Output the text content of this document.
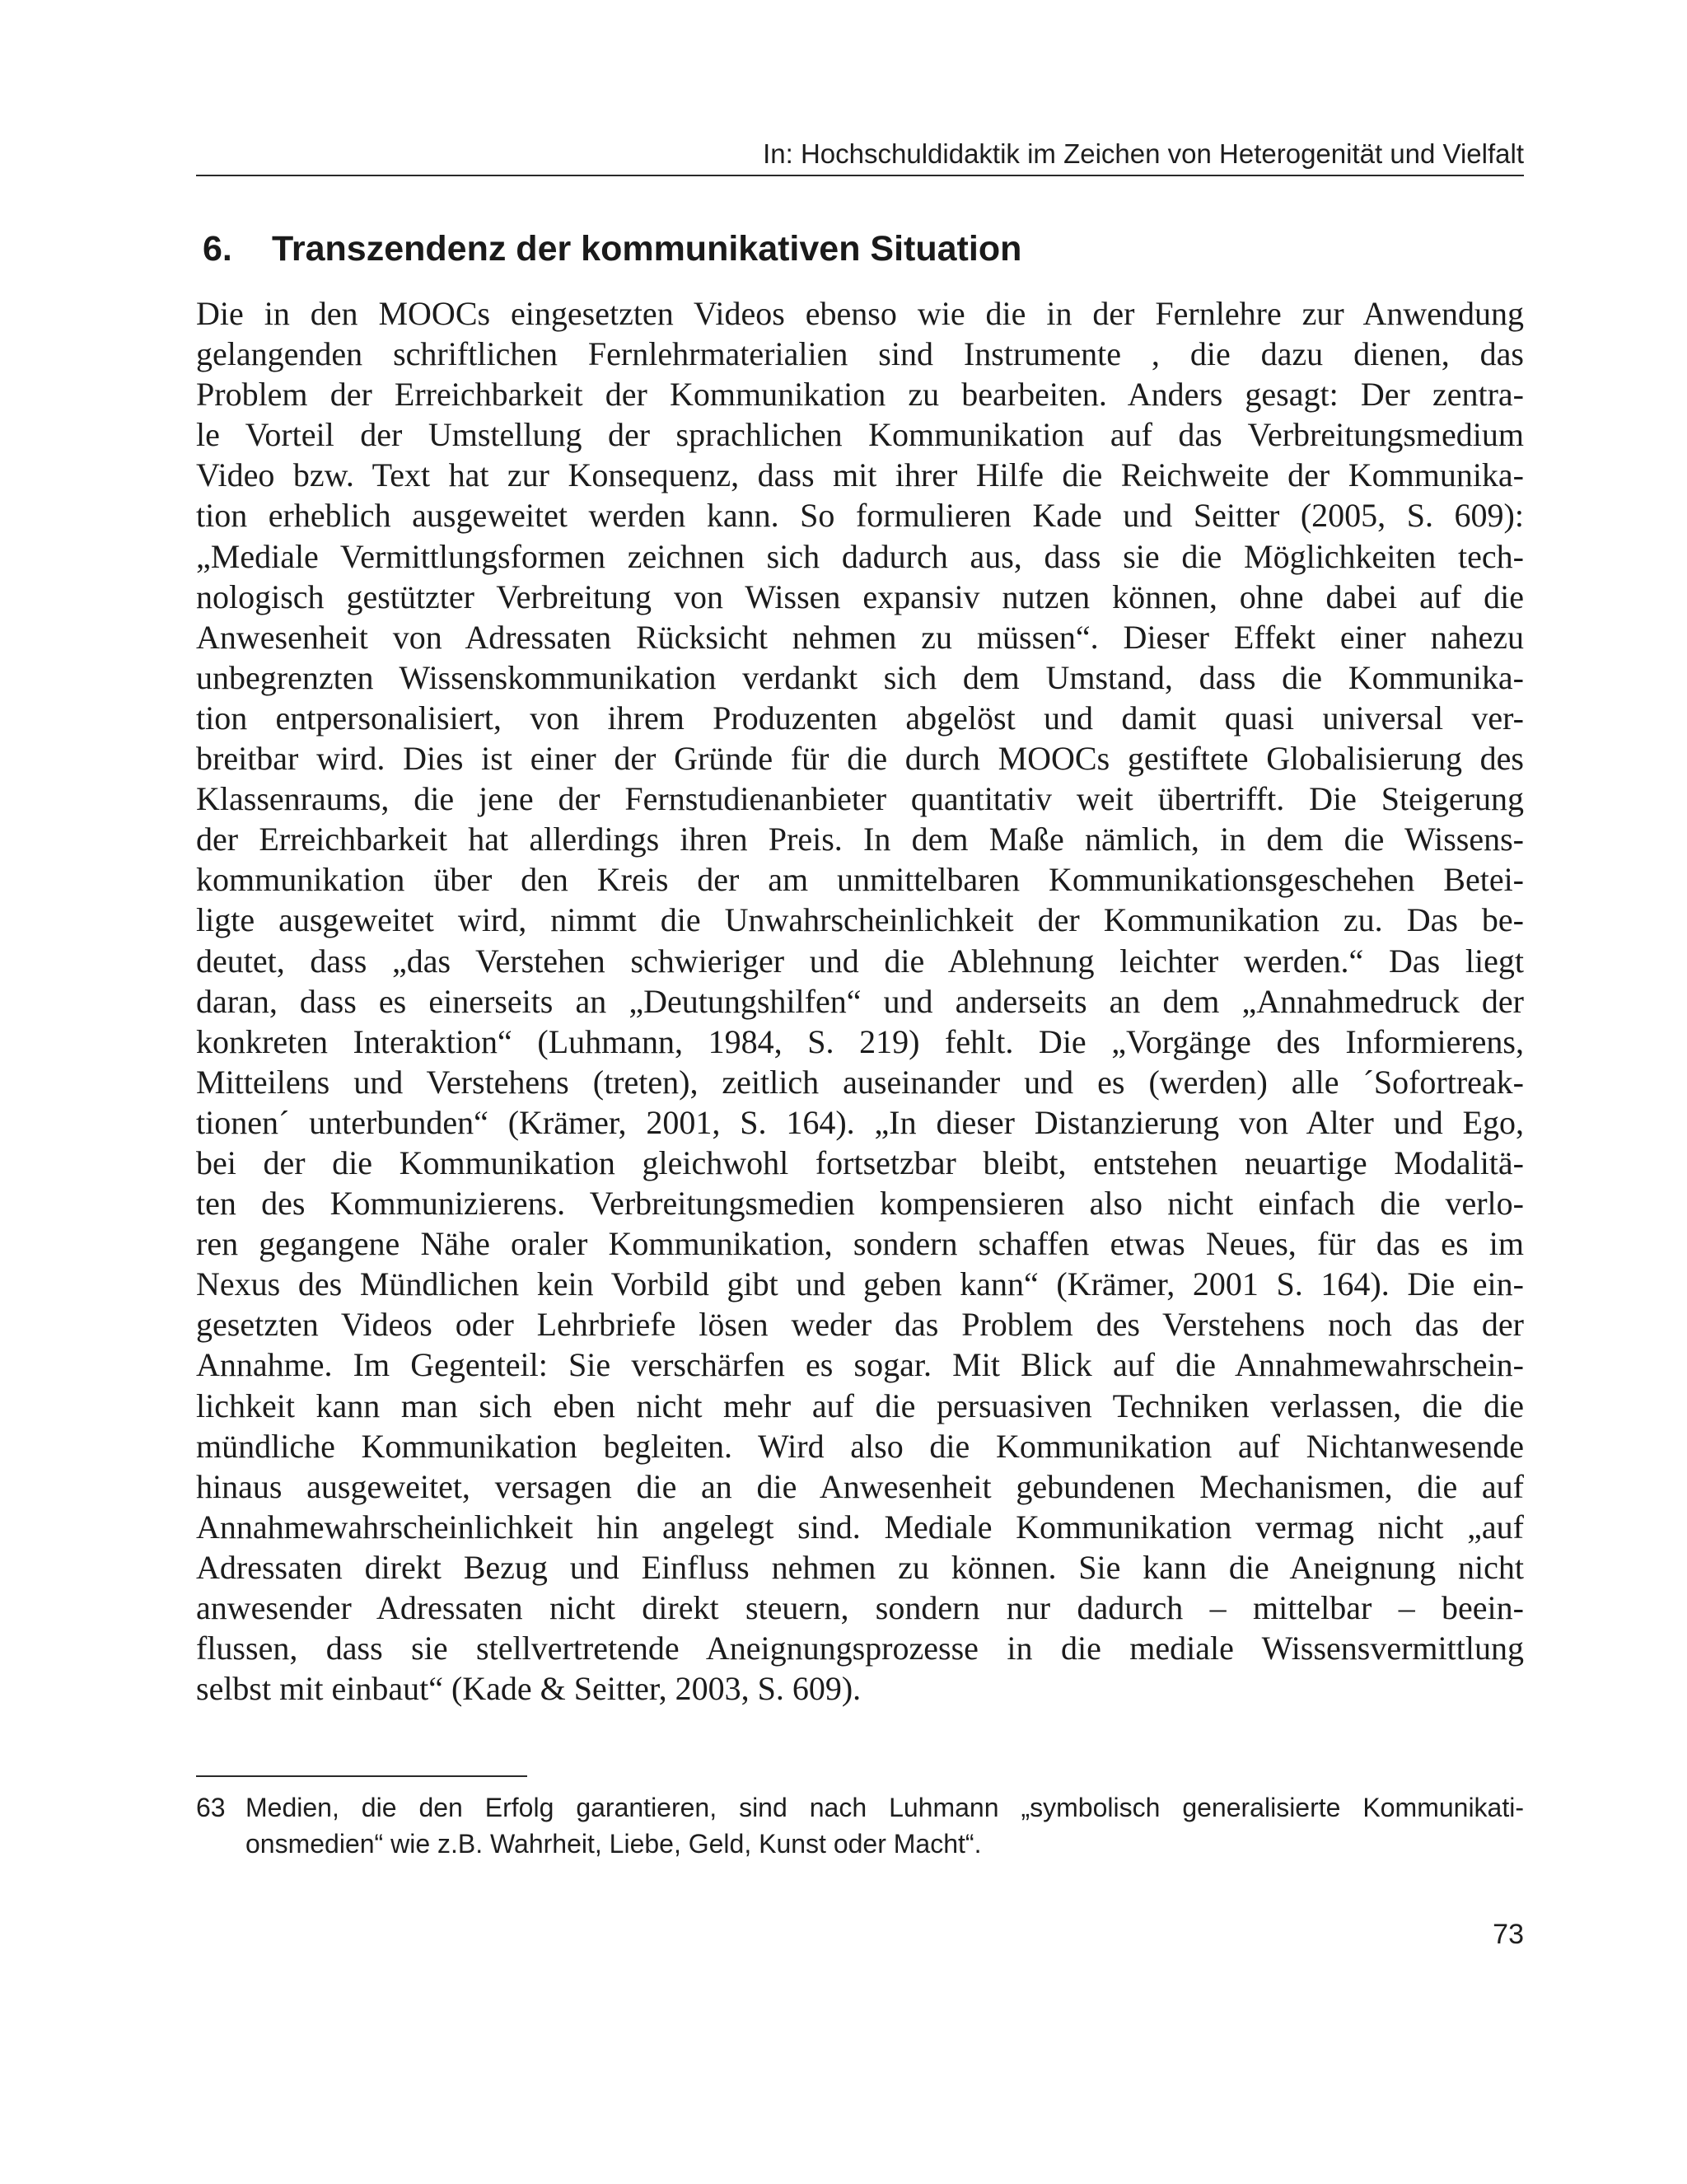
In: Hochschuldidaktik im Zeichen von Heterogenität und Vielfalt
6. Transzendenz der kommunikativen Situation
Die in den MOOCs eingesetzten Videos ebenso wie die in der Fernlehre zur Anwendung
gelangenden schriftlichen Fernlehrmaterialien sind Instrumente , die dazu dienen, das
Problem der Erreichbarkeit der Kommunikation zu bearbeiten. Anders gesagt: Der zentra-
le Vorteil der Umstellung der sprachlichen Kommunikation auf das Verbreitungsmedium
Video bzw. Text hat zur Konsequenz, dass mit ihrer Hilfe die Reichweite der Kommunika-
tion erheblich ausgeweitet werden kann. So formulieren Kade und Seitter (2005, S. 609):
„Mediale Vermittlungsformen zeichnen sich dadurch aus, dass sie die Möglichkeiten tech-
nologisch gestützter Verbreitung von Wissen expansiv nutzen können, ohne dabei auf die
Anwesenheit von Adressaten Rücksicht nehmen zu müssen“. Dieser Effekt einer nahezu
unbegrenzten Wissenskommunikation verdankt sich dem Umstand, dass die Kommunika-
tion entpersonalisiert, von ihrem Produzenten abgelöst und damit quasi universal ver-
breitbar wird. Dies ist einer der Gründe für die durch MOOCs gestiftete Globalisierung des
Klassenraums, die jene der Fernstudienanbieter quantitativ weit übertrifft. Die Steigerung
der Erreichbarkeit hat allerdings ihren Preis. In dem Maße nämlich, in dem die Wissens-
kommunikation über den Kreis der am unmittelbaren Kommunikationsgeschehen Betei-
ligte ausgeweitet wird, nimmt die Unwahrscheinlichkeit der Kommunikation zu. Das be-
deutet, dass „das Verstehen schwieriger und die Ablehnung leichter werden.“ Das liegt
daran, dass es einerseits an „Deutungshilfen“ und anderseits an dem „Annahmedruck der
konkreten Interaktion“ (Luhmann, 1984, S. 219) fehlt. Die „Vorgänge des Informierens,
Mitteilens und Verstehens (treten), zeitlich auseinander und es (werden) alle ´Sofortreak-
tionen´ unterbunden“ (Krämer, 2001, S. 164). „In dieser Distanzierung von Alter und Ego,
bei der die Kommunikation gleichwohl fortsetzbar bleibt, entstehen neuartige Modalitä-
ten des Kommunizierens. Verbreitungsmedien kompensieren also nicht einfach die verlo-
ren gegangene Nähe oraler Kommunikation, sondern schaffen etwas Neues, für das es im
Nexus des Mündlichen kein Vorbild gibt und geben kann“ (Krämer, 2001 S. 164). Die ein-
gesetzten Videos oder Lehrbriefe lösen weder das Problem des Verstehens noch das der
Annahme. Im Gegenteil: Sie verschärfen es sogar. Mit Blick auf die Annahmewahrschein-
lichkeit kann man sich eben nicht mehr auf die persuasiven Techniken verlassen, die die
mündliche Kommunikation begleiten. Wird also die Kommunikation auf Nichtanwesende
hinaus ausgeweitet, versagen die an die Anwesenheit gebundenen Mechanismen, die auf
Annahmewahrscheinlichkeit hin angelegt sind. Mediale Kommunikation vermag nicht „auf
Adressaten direkt Bezug und Einfluss nehmen zu können. Sie kann die Aneignung nicht
anwesender Adressaten nicht direkt steuern, sondern nur dadurch – mittelbar – beein-
flussen, dass sie stellvertretende Aneignungsprozesse in die mediale Wissensvermittlung
selbst mit einbaut“ (Kade & Seitter, 2003, S. 609).
63 Medien, die den Erfolg garantieren, sind nach Luhmann „symbolisch generalisierte Kommunikati-
onsmedien“ wie z.B. Wahrheit, Liebe, Geld, Kunst oder Macht“.
73
